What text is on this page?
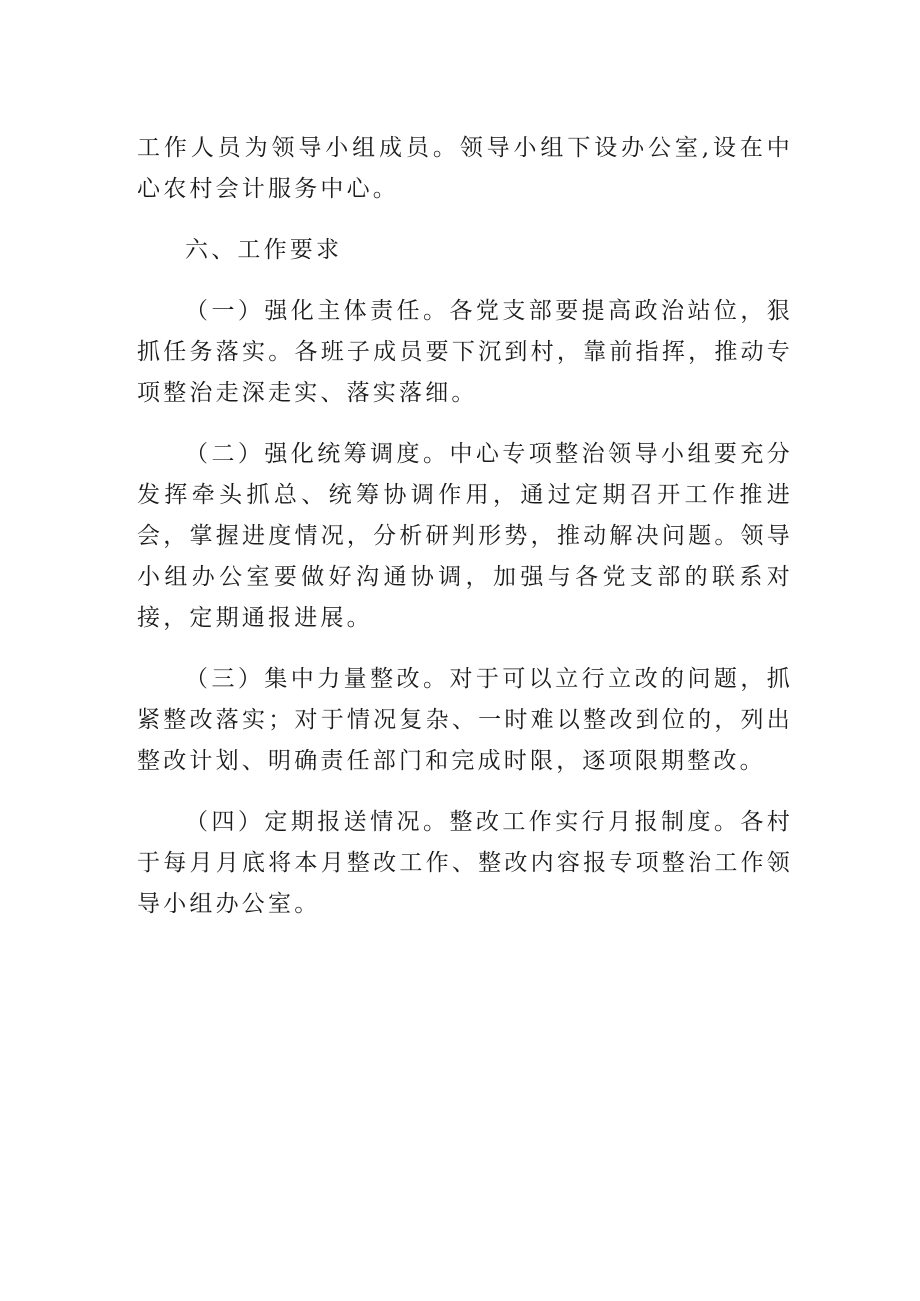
工作人员为领导小组成员。领导小组下设办公室,设在中心农村会计服务中心。

六、工作要求

（一）强化主体责任。各党支部要提高政治站位，狠抓任务落实。各班子成员要下沉到村，靠前指挥，推动专项整治走深走实、落实落细。

（二）强化统筹调度。中心专项整治领导小组要充分发挥牵头抓总、统筹协调作用，通过定期召开工作推进会，掌握进度情况，分析研判形势，推动解决问题。领导小组办公室要做好沟通协调，加强与各党支部的联系对接，定期通报进展。

（三）集中力量整改。对于可以立行立改的问题，抓紧整改落实；对于情况复杂、一时难以整改到位的，列出整改计划、明确责任部门和完成时限，逐项限期整改。

（四）定期报送情况。整改工作实行月报制度。各村于每月月底将本月整改工作、整改内容报专项整治工作领导小组办公室。
